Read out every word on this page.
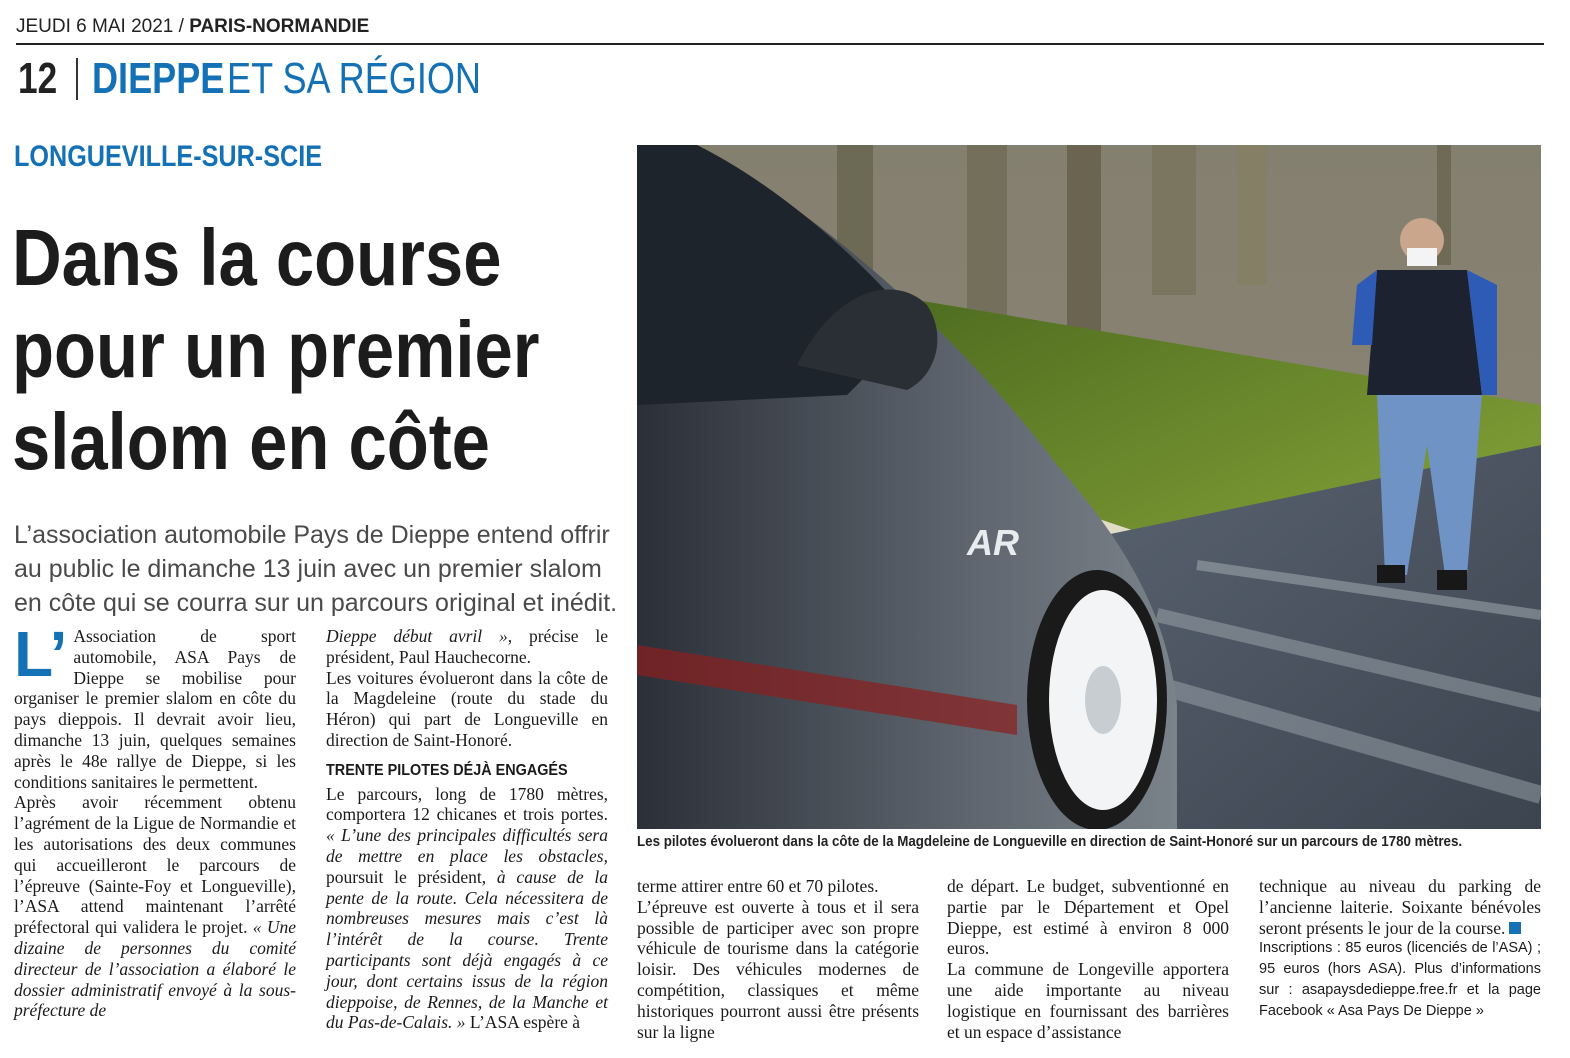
JEUDI 6 MAI 2021 / PARIS-NORMANDIE
12 DIEPPE ET SA RÉGION
LONGUEVILLE-SUR-SCIE
Dans la course
pour un premier
slalom en côte

L’association automobile Pays de Dieppe entend offrir au public le dimanche 13 juin avec un premier slalom en côte qui se courra sur un parcours original et inédit.

L’ Association de sport automobile, ASA Pays de Dieppe se mobilise pour organiser le premier slalom en côte du pays dieppois. Il devrait avoir lieu, dimanche 13 juin, quelques semaines après le 48e rallye de Dieppe, si les conditions sanitaires le permettent.

Après avoir récemment obtenu l’agrément de la Ligue de Normandie et les autorisations des deux communes qui accueilleront le parcours de l’épreuve (Sainte-Foy et Longueville), l’ASA attend maintenant l’arrêté préfectoral qui validera le projet. « Une dizaine de personnes du comité directeur de l’association a élaboré le dossier administratif envoyé à la sous-préfecture de

Dieppe début avril », précise le président, Paul Hauchecorne.

Les voitures évolueront dans la côte de la Magdeleine (route du stade du Héron) qui part de Longueville en direction de Saint-Honoré.

TRENTE PILOTES DÉJÀ ENGAGÉS

Le parcours, long de 1780 mètres, comportera 12 chicanes et trois portes. « L’une des principales difficultés sera de mettre en place les obstacles, poursuit le président, à cause de la pente de la route. Cela nécessitera de nombreuses mesures mais c’est là l’intérêt de la course. Trente participants sont déjà engagés à ce jour, dont certains issus de la région dieppoise, de Rennes, de la Manche et du Pas-de-Calais. » L’ASA espère à

AR
Les pilotes évolueront dans la côte de la Magdeleine de Longueville en direction de Saint-Honoré sur un parcours de 1780 mètres.

terme attirer entre 60 et 70 pilotes.

L’épreuve est ouverte à tous et il sera possible de participer avec son propre véhicule de tourisme dans la catégorie loisir. Des véhicules modernes de compétition, classiques et même historiques pourront aussi être présents sur la ligne

de départ. Le budget, subventionné en partie par le Département et Opel Dieppe, est estimé à environ 8 000 euros.

La commune de Longeville apportera une aide importante au niveau logistique en fournissant des barrières et un espace d’assistance

technique au niveau du parking de l’ancienne laiterie. Soixante bénévoles seront présents le jour de la course.

Inscriptions : 85 euros (licenciés de l’ASA) ; 95 euros (hors ASA). Plus d’informations sur : asapaysdedieppe.free.fr et la page Facebook « Asa Pays De Dieppe »
